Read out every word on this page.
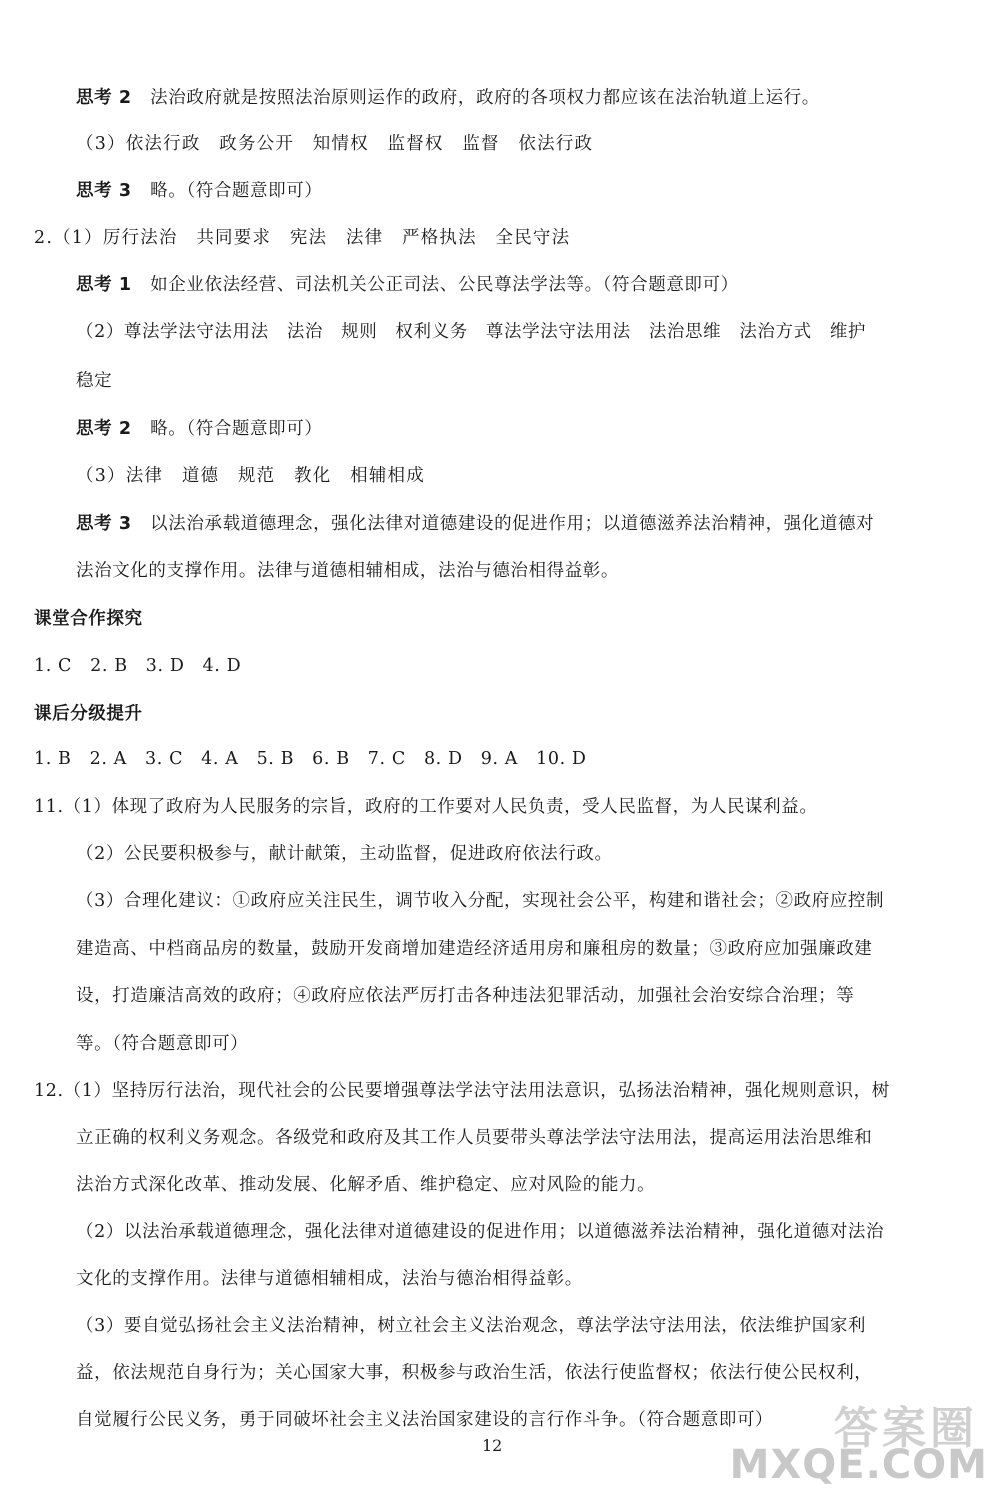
思考 2 法治政府就是按照法治原则运作的政府，政府的各项权力都应该在法治轨道上运行。
（3）依法行政　政务公开　知情权　监督权　监督　依法行政
思考 3 略。（符合题意即可）
2.（1）厉行法治　共同要求　宪法　法律　严格执法　全民守法
思考 1 如企业依法经营、司法机关公正司法、公民尊法学法等。（符合题意即可）
（2）尊法学法守法用法　法治　规则　权利义务　尊法学法守法用法　法治思维　法治方式　维护
稳定
思考 2 略。（符合题意即可）
（3）法律　道德　规范　教化　相辅相成
思考 3 以法治承载道德理念，强化法律对道德建设的促进作用；以道德滋养法治精神，强化道德对
法治文化的支撑作用。法律与道德相辅相成，法治与德治相得益彰。
课堂合作探究
1. C　2. B　3. D　4. D
课后分级提升
1. B　2. A　3. C　4. A　5. B　6. B　7. C　8. D　9. A　10. D
11.（1）体现了政府为人民服务的宗旨，政府的工作要对人民负责，受人民监督，为人民谋利益。
（2）公民要积极参与，献计献策，主动监督，促进政府依法行政。
（3）合理化建议：①政府应关注民生，调节收入分配，实现社会公平，构建和谐社会；②政府应控制
建造高、中档商品房的数量，鼓励开发商增加建造经济适用房和廉租房的数量；③政府应加强廉政建
设，打造廉洁高效的政府；④政府应依法严厉打击各种违法犯罪活动，加强社会治安综合治理；等
等。（符合题意即可）
12.（1）坚持厉行法治，现代社会的公民要增强尊法学法守法用法意识，弘扬法治精神，强化规则意识，树
立正确的权利义务观念。各级党和政府及其工作人员要带头尊法学法守法用法，提高运用法治思维和
法治方式深化改革、推动发展、化解矛盾、维护稳定、应对风险的能力。
（2）以法治承载道德理念，强化法律对道德建设的促进作用；以道德滋养法治精神，强化道德对法治
文化的支撑作用。法律与道德相辅相成，法治与德治相得益彰。
（3）要自觉弘扬社会主义法治精神，树立社会主义法治观念，尊法学法守法用法，依法维护国家利
益，依法规范自身行为；关心国家大事，积极参与政治生活，依法行使监督权；依法行使公民权利，
自觉履行公民义务，勇于同破坏社会主义法治国家建设的言行作斗争。（符合题意即可）
12	答案圈
MXQE.COM
